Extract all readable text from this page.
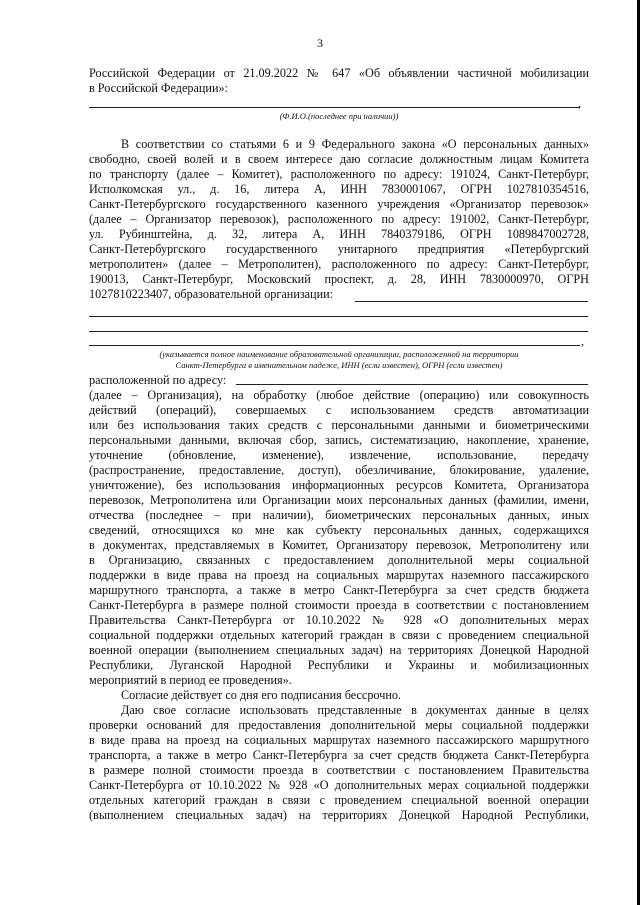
3
Российской Федерации от 21.09.2022 № 647 «Об объявлении частичной мобилизации
в Российской Федерации»:
,
(Ф.И.О.(последнее при наличии))
В соответствии со статьями 6 и 9 Федерального закона «О персональных данных»
свободно, своей волей и в своем интересе даю согласие должностным лицам Комитета
по транспорту (далее – Комитет), расположенного по адресу: 191024, Санкт-Петербург,
Исполкомская ул., д. 16, литера А, ИНН 7830001067, ОГРН 1027810354516,
Санкт-Петербургского государственного казенного учреждения «Организатор перевозок»
(далее – Организатор перевозок), расположенного по адресу: 191002, Санкт-Петербург,
ул. Рубинштейна, д. 32, литера А, ИНН 7840379186, ОГРН 1089847002728,
Санкт-Петербургского государственного унитарного предприятия «Петербургский
метрополитен» (далее – Метрополитен), расположенного по адресу: Санкт-Петербург,
190013, Санкт-Петербург, Московский проспект, д. 28, ИНН 7830000970, ОГРН
1027810223407, образовательной организации:
,
(указывается полное наименование образовательной организации, расположенной на территории
Санкт-Петербурга в именительном падеже, ИНН (если известен), ОГРН (если известен)
расположенной по адресу:
(далее – Организация), на обработку (любое действие (операцию) или совокупность
действий (операций), совершаемых с использованием средств автоматизации
или без использования таких средств с персональными данными и биометрическими
персональными данными, включая сбор, запись, систематизацию, накопление, хранение,
уточнение (обновление, изменение), извлечение, использование, передачу
(распространение, предоставление, доступ), обезличивание, блокирование, удаление,
уничтожение), без использования информационных ресурсов Комитета, Организатора
перевозок, Метрополитена или Организации моих персональных данных (фамилии, имени,
отчества (последнее – при наличии), биометрических персональных данных, иных
сведений, относящихся ко мне как субъекту персональных данных, содержащихся
в документах, представляемых в Комитет, Организатору перевозок, Метрополитену или
в Организацию, связанных с предоставлением дополнительной меры социальной
поддержки в виде права на проезд на социальных маршрутах наземного пассажирского
маршрутного транспорта, а также в метро Санкт-Петербурга за счет средств бюджета
Санкт-Петербурга в размере полной стоимости проезда в соответствии с постановлением
Правительства Санкт-Петербурга от 10.10.2022 № 928 «О дополнительных мерах
социальной поддержки отдельных категорий граждан в связи с проведением специальной
военной операции (выполнением специальных задач) на территориях Донецкой Народной
Республики, Луганской Народной Республики и Украины и мобилизационных
мероприятий в период ее проведения».
Согласие действует со дня его подписания бессрочно.
Даю свое согласие использовать представленные в документах данные в целях
проверки оснований для предоставления дополнительной меры социальной поддержки
в виде права на проезд на социальных маршрутах наземного пассажирского маршрутного
транспорта, а также в метро Санкт-Петербурга за счет средств бюджета Санкт-Петербурга
в размере полной стоимости проезда в соответствии с постановлением Правительства
Санкт-Петербурга от 10.10.2022 № 928 «О дополнительных мерах социальной поддержки
отдельных категорий граждан в связи с проведением специальной военной операции
(выполнением специальных задач) на территориях Донецкой Народной Республики,
